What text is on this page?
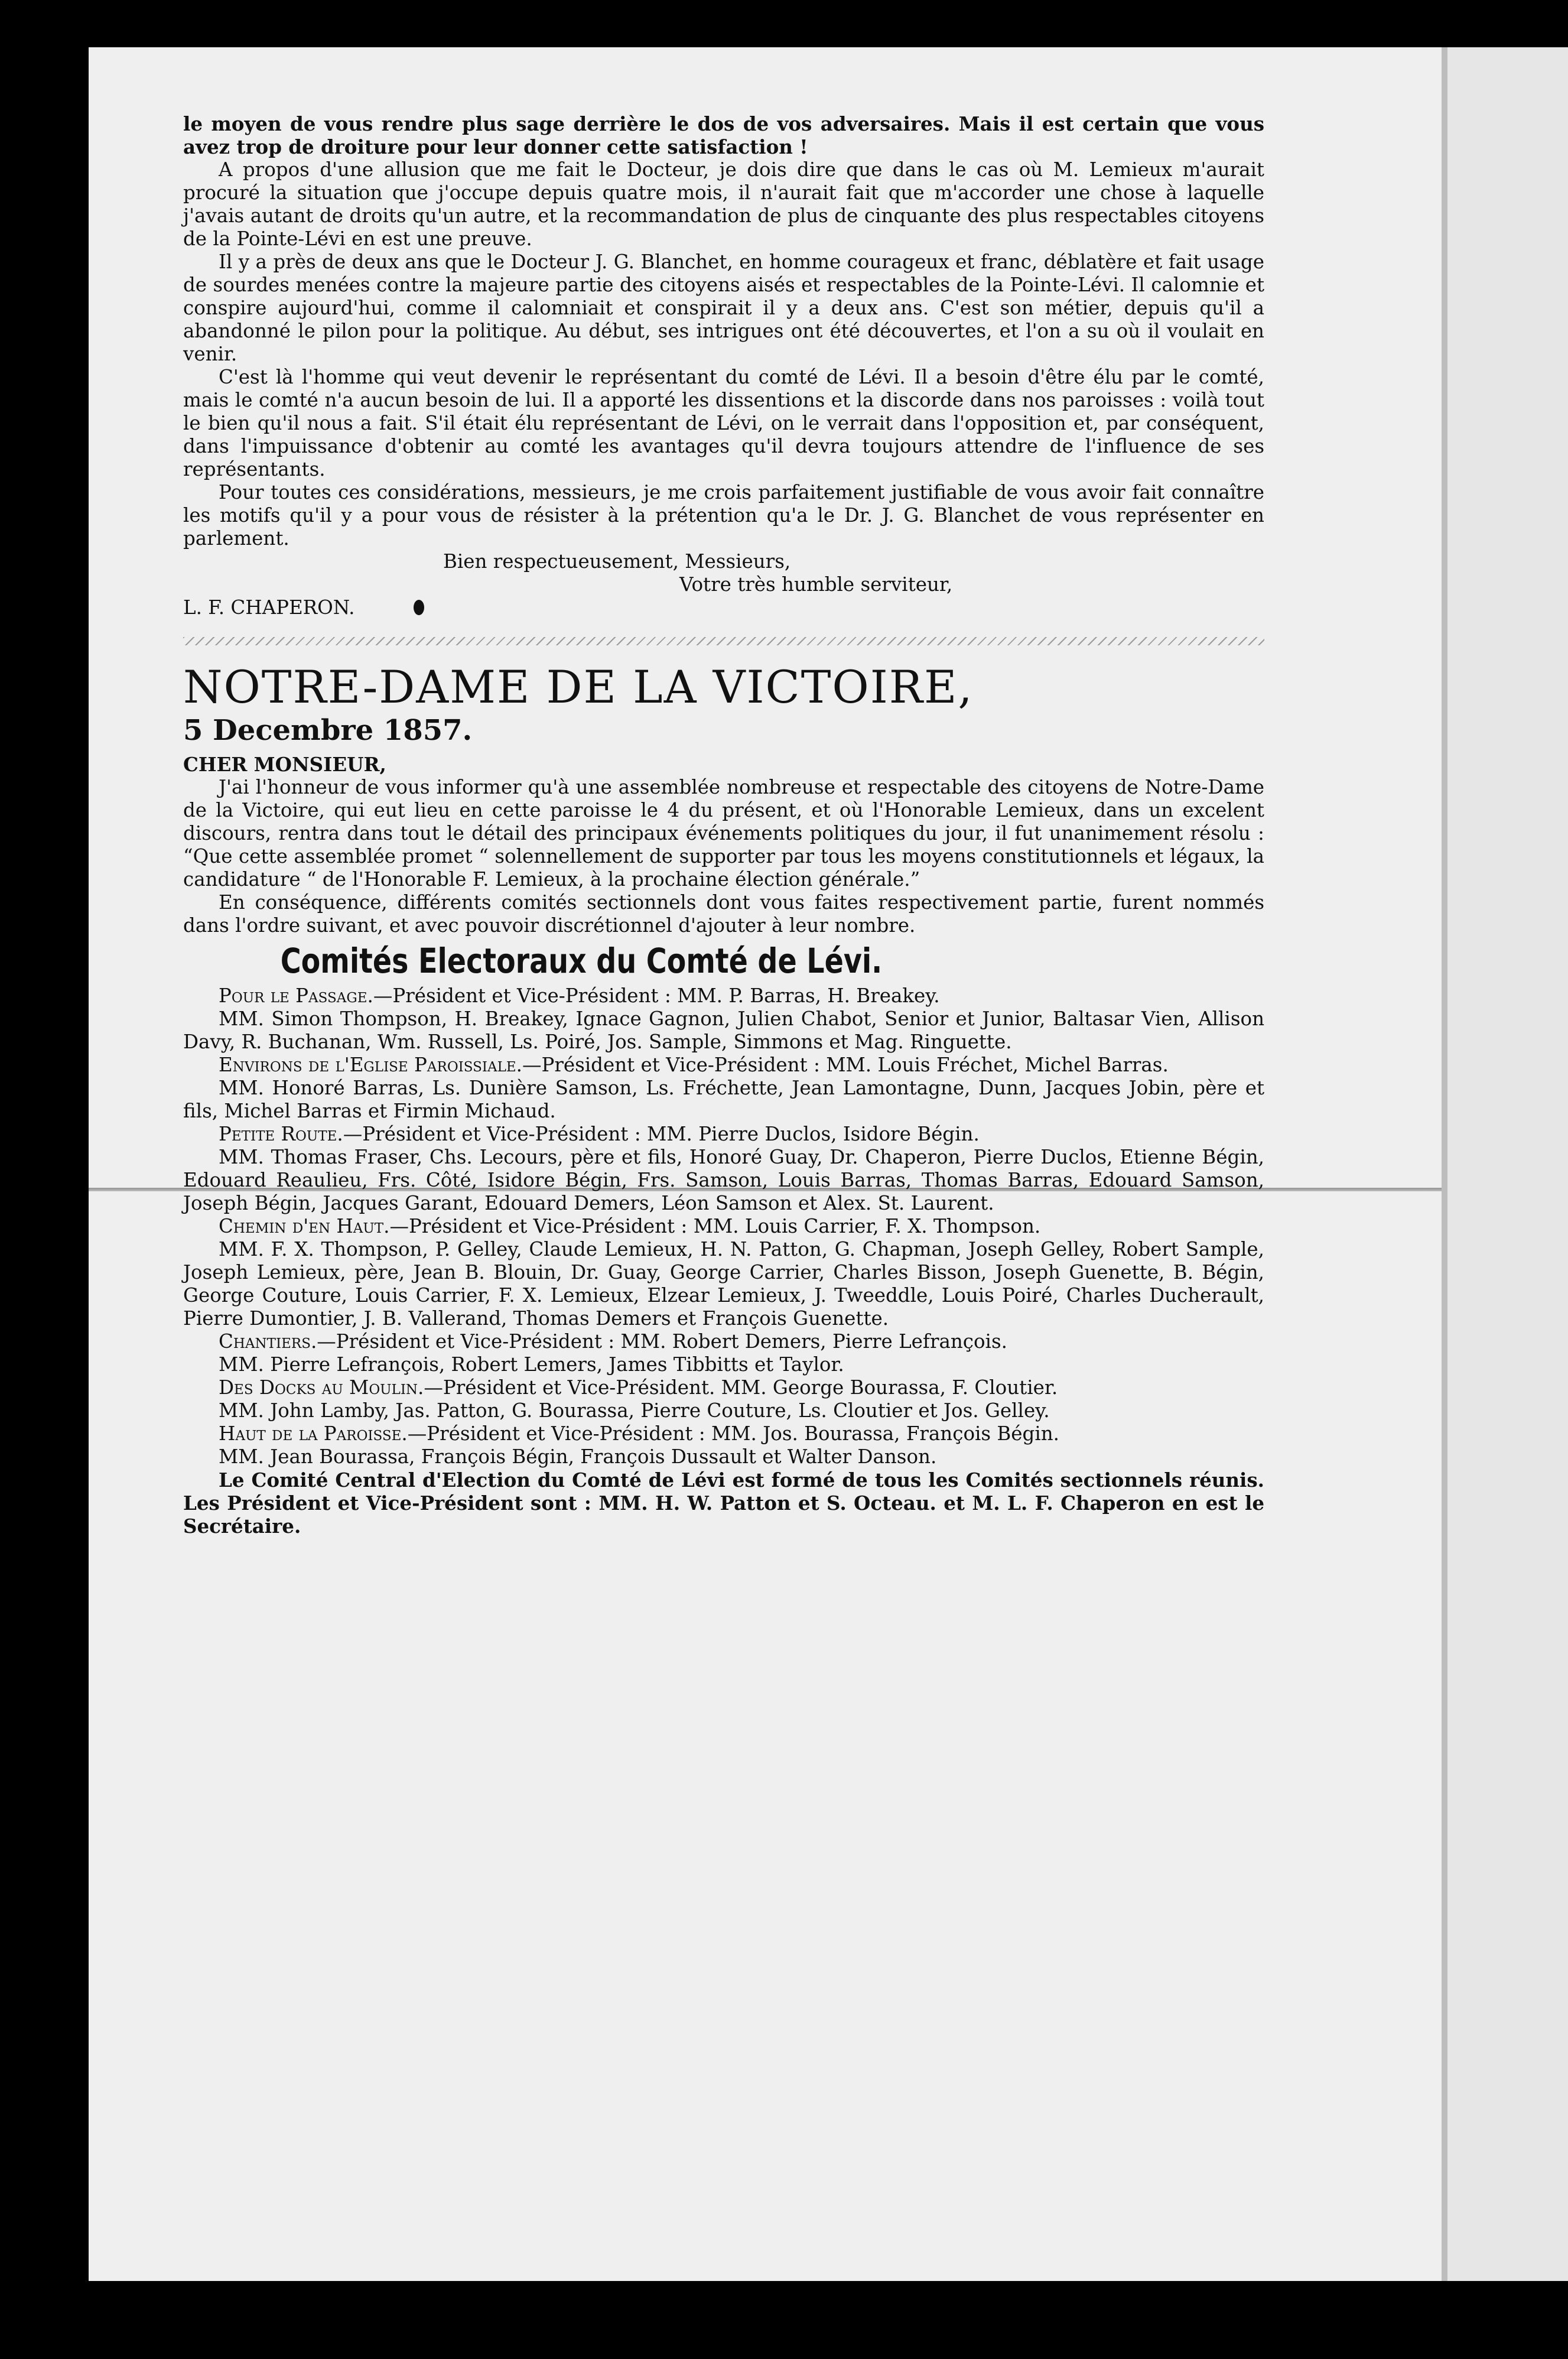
le moyen de vous rendre plus sage derrière le dos de vos adversaires. Mais il est certain que vous avez trop de droiture pour leur donner cette satisfaction !

A propos d'une allusion que me fait le Docteur, je dois dire que dans le cas où M. Lemieux m'aurait procuré la situation que j'occupe depuis quatre mois, il n'aurait fait que m'accorder une chose à laquelle j'avais autant de droits qu'un autre, et la recommandation de plus de cinquante des plus respectables citoyens de la Pointe-Lévi en est une preuve.

Il y a près de deux ans que le Docteur J. G. Blanchet, en homme courageux et franc, déblatère et fait usage de sourdes menées contre la majeure partie des citoyens aisés et respectables de la Pointe-Lévi. Il calomnie et conspire aujourd'hui, comme il calomniait et conspirait il y a deux ans. C'est son métier, depuis qu'il a abandonné le pilon pour la politique. Au début, ses intrigues ont été découvertes, et l'on a su où il voulait en venir.

C'est là l'homme qui veut devenir le représentant du comté de Lévi. Il a besoin d'être élu par le comté, mais le comté n'a aucun besoin de lui. Il a apporté les dissentions et la discorde dans nos paroisses : voilà tout le bien qu'il nous a fait. S'il était élu représentant de Lévi, on le verrait dans l'opposition et, par conséquent, dans l'impuissance d'obtenir au comté les avantages qu'il devra toujours attendre de l'influence de ses représentants.

Pour toutes ces considérations, messieurs, je me crois parfaitement justifiable de vous avoir fait connaître les motifs qu'il y a pour vous de résister à la prétention qu'a le Dr. J. G. Blanchet de vous représenter en parlement.

Bien respectueusement, Messieurs,

Votre très humble serviteur,

L. F. CHAPERON.

NOTRE-DAME DE LA VICTOIRE,

5 Decembre 1857.

CHER MONSIEUR,

J'ai l'honneur de vous informer qu'à une assemblée nombreuse et respectable des citoyens de Notre-Dame de la Victoire, qui eut lieu en cette paroisse le 4 du présent, et où l'Honorable Lemieux, dans un excelent discours, rentra dans tout le détail des principaux événements politiques du jour, il fut unanimement résolu : “Que cette assemblée promet “ solennellement de supporter par tous les moyens constitutionnels et légaux, la candidature “ de l'Honorable F. Lemieux, à la prochaine élection générale.”

En conséquence, différents comités sectionnels dont vous faites respectivement partie, furent nommés dans l'ordre suivant, et avec pouvoir discrétionnel d'ajouter à leur nombre.

Comités Electoraux du Comté de Lévi.

Pour le Passage.—Président et Vice-Président : MM. P. Barras, H. Breakey.

MM. Simon Thompson, H. Breakey, Ignace Gagnon, Julien Chabot, Senior et Junior, Baltasar Vien, Allison Davy, R. Buchanan, Wm. Russell, Ls. Poiré, Jos. Sample, Simmons et Mag. Ringuette.

Environs de l'Eglise Paroissiale.—Président et Vice-Président : MM. Louis Fréchet, Michel Barras.

MM. Honoré Barras, Ls. Dunière Samson, Ls. Fréchette, Jean Lamontagne, Dunn, Jacques Jobin, père et fils, Michel Barras et Firmin Michaud.

Petite Route.—Président et Vice-Président : MM. Pierre Duclos, Isidore Bégin.

MM. Thomas Fraser, Chs. Lecours, père et fils, Honoré Guay, Dr. Chaperon, Pierre Duclos, Etienne Bégin, Edouard Reaulieu, Frs. Côté, Isidore Bégin, Frs. Samson, Louis Barras, Thomas Barras, Edouard Samson, Joseph Bégin, Jacques Garant, Edouard Demers, Léon Samson et Alex. St. Laurent.

Chemin d'en Haut.—Président et Vice-Président : MM. Louis Carrier, F. X. Thompson.

MM. F. X. Thompson, P. Gelley, Claude Lemieux, H. N. Patton, G. Chapman, Joseph Gelley, Robert Sample, Joseph Lemieux, père, Jean B. Blouin, Dr. Guay, George Carrier, Charles Bisson, Joseph Guenette, B. Bégin, George Couture, Louis Carrier, F. X. Lemieux, Elzear Lemieux, J. Tweeddle, Louis Poiré, Charles Ducherault, Pierre Dumontier, J. B. Vallerand, Thomas Demers et François Guenette.

Chantiers.—Président et Vice-Président : MM. Robert Demers, Pierre Lefrançois.

MM. Pierre Lefrançois, Robert Lemers, James Tibbitts et Taylor.

Des Docks au Moulin.—Président et Vice-Président. MM. George Bourassa, F. Cloutier.

MM. John Lamby, Jas. Patton, G. Bourassa, Pierre Couture, Ls. Cloutier et Jos. Gelley.

Haut de la Paroisse.—Président et Vice-Président : MM. Jos. Bourassa, François Bégin.

MM. Jean Bourassa, François Bégin, François Dussault et Walter Danson.

Le Comité Central d'Election du Comté de Lévi est formé de tous les Comités sectionnels réunis. Les Président et Vice-Président sont : MM. H. W. Patton et S. Octeau. et M. L. F. Chaperon en est le Secrétaire.
